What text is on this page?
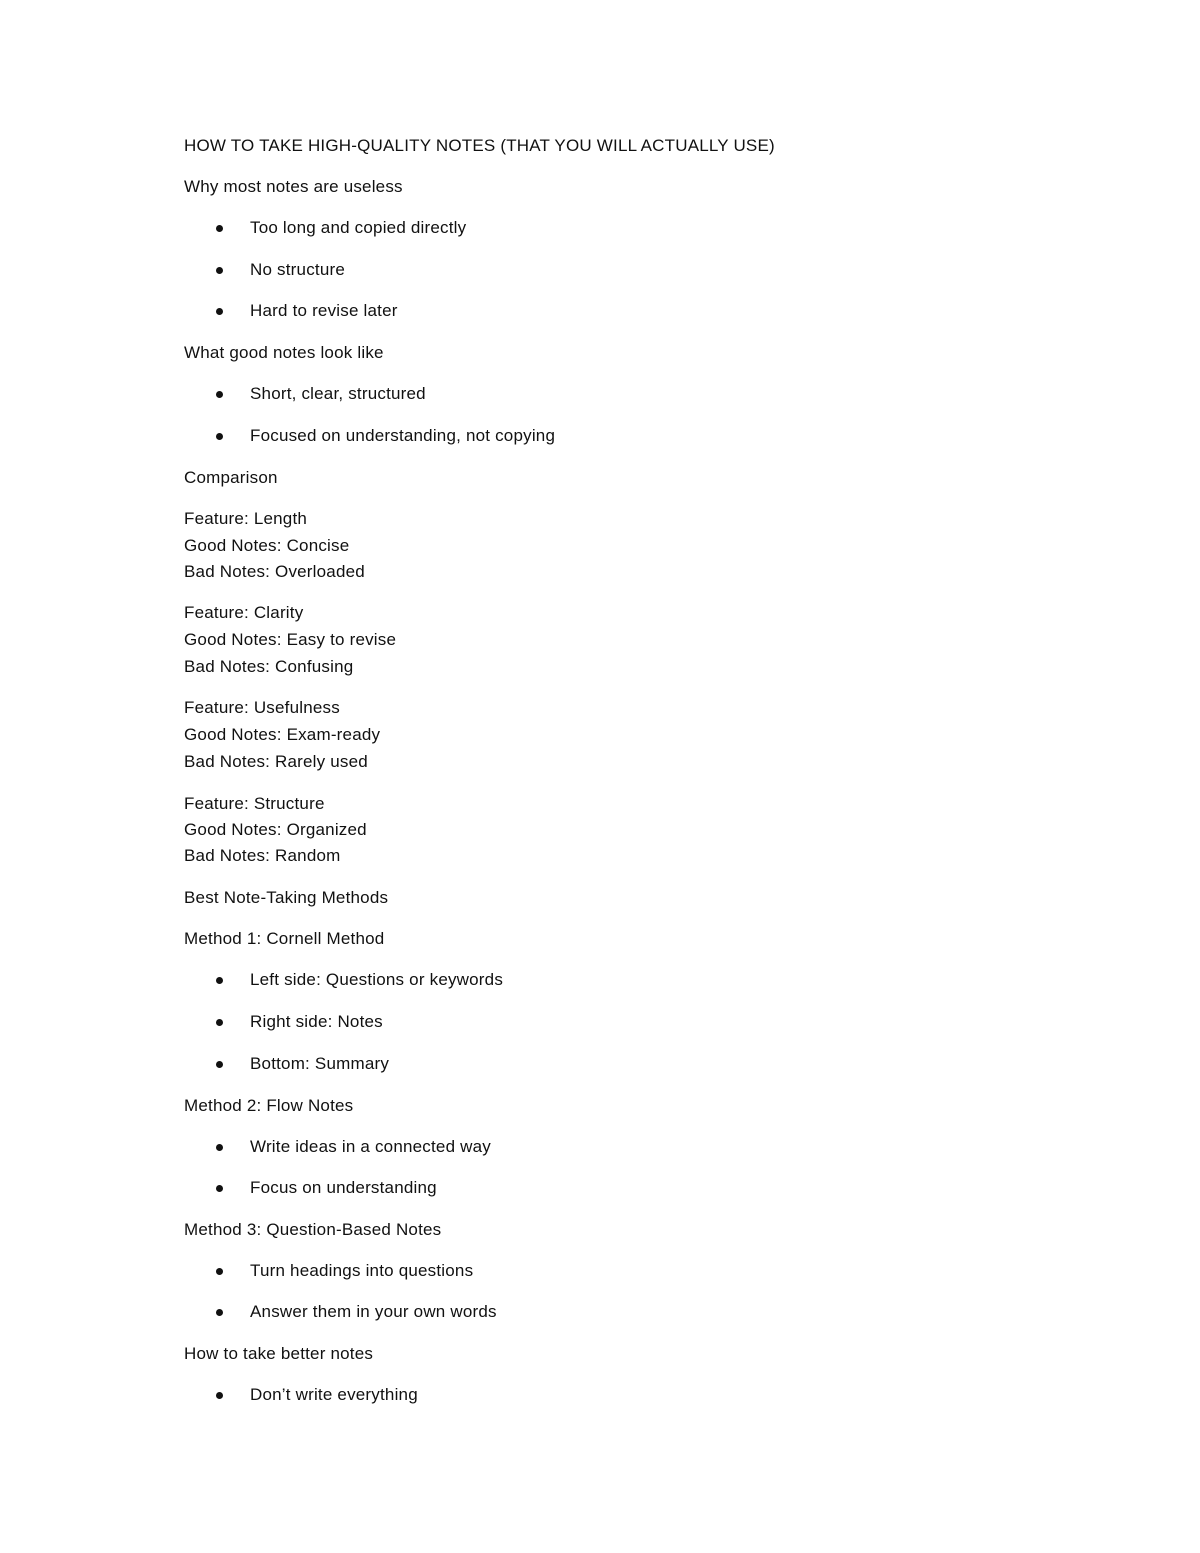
HOW TO TAKE HIGH-QUALITY NOTES (THAT YOU WILL ACTUALLY USE)
Why most notes are useless
Too long and copied directly
No structure
Hard to revise later
What good notes look like
Short, clear, structured
Focused on understanding, not copying
Comparison
Feature: Length
Good Notes: Concise
Bad Notes: Overloaded
Feature: Clarity
Good Notes: Easy to revise
Bad Notes: Confusing
Feature: Usefulness
Good Notes: Exam-ready
Bad Notes: Rarely used
Feature: Structure
Good Notes: Organized
Bad Notes: Random
Best Note-Taking Methods
Method 1: Cornell Method
Left side: Questions or keywords
Right side: Notes
Bottom: Summary
Method 2: Flow Notes
Write ideas in a connected way
Focus on understanding
Method 3: Question-Based Notes
Turn headings into questions
Answer them in your own words
How to take better notes
Don’t write everything
